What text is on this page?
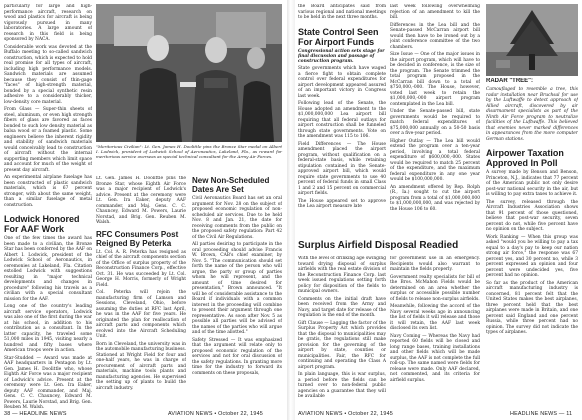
particularly for large and high-performance aircraft, research on wood and plastics for aircraft is being vigorously pursued in many laboratories. A large amount of research in this field is being sponsored by NACA.

Considerable work was devoted at the Buffalo meeting to so-called sandwich construction, which is expected to hold real promise for all types of aircraft, including high performance models. Sandwich materials are assumed because they consist of thin-gage "faces" of high-strength material, bonded by a special synthetic resin adhesive to a considerably thicker, low-density core material.

From Glass — Super-thin sheets of steel, aluminum, or even high strength fibers of glass are favored as faces bonded to such low density material as balsa wood or a foamed plastic. Some engineers believe the inherent rigidity and stability of sandwich materials would conceivably lead to construction of aircraft without the internal supporting members which limit space and account for much of the weight of present day aircraft.

An experimental airplane fuselage has been constructed of plastic sandwich materials, which is 67 percent stronger, with about the same weight, than a similar fuselage of metal construction.

Lodwick Honored For AAF Work

One of the few times the award has been made to a civilian, the Bronze Star has been conferred by the AAF on Albert I. Lodwick, president of the Lodwick School of Aeronautics, in ceremonies at Lakeland, Fla. Citation extolled Lodwick with suggestions resulting in "major technical developments and changes in procedure" following his travels as a civilian with a special consultant mission for the AAF.

Long one of the country's leading aircraft service operators, Lodwick was also one of the first during the war at his school, in addition to his contribution as a consultant. In the latter capacity, he traveled some 51,000 miles in 1945, visiting nearly a hundred and fifty bases where American troops were in action.

Star-Studded — Award was made at AAF headquarters in Pentagon by Lt. Gen. James H. Doolittle who, whose Eighth Air Force was a major recipient of Lodwick's advice. Present at the ceremony were Lt. Gen. Ira Eaker, deputy AAF commander, and Maj. Gens. C. C. Chauncey, Edward M. Powers, Laurie Norstad, and Brig. Gen. Reuben M. Walsh.

"Meritorious Civilian": Lt. Gen. James H. Doolittle pins the Bronze Star medal on Albert I. Lodwick, president of Lodwick School of Aeronautics, Lakeland, Fla., as reward for meritorious service overseas as special technical consultant for the Army Air Forces.

Lt. Gen. James H. Doolittle pins the Bronze Star, whose Eighth Air Force was a major recipient of Lodwick's advice. Present at the ceremony were Lt. Gen. Ira Eaker, deputy AAF commander, and Maj. Gens. C. C. Chauncey, Edward M. Powers, Laurie Norstad, and Brig. Gen. Reuben M. Walsh.

RFC Consumers Post Reigned By Peterka

Lt. Col. A. R. Peterka has resigned as chief of the aircraft components section of the Office of surplus property of the Reconstruction Finance Corp., effective Oct. 31. He was succeeded by Lt. Col. George H. Morris, formerly of Wright Field.

Col. Peterka will rejoin the manufacturing firm of Lamson and Sessions, Cleveland, Ohio, before assuming the duties at RFC last April, he was in the AAF for five years. He originated the plan for reallocation of aircraft parts and components which evolved into the Aircraft Scheduling Unit.

Born in Cleveland, the university was in the automobile manufacturing business. Stationed at Wright Field for four and one-half years, he was in charge of procurement of aircraft parts and materials, machine tools plants and manufacturing agencies. He supervised the setting up of plants to build the aircraft industry.

New Non-Scheduled Dates Are Set

Civil Aeronautics Board has set an oral argument for Nov. 28 on the subject of proposed economic regulation of non-scheduled air services. Due to be held Nov. 8 and Jan. 21, the date for receiving comments from the public on the proposed safety regulation: Part 42 of the Civil Air Regulations.

All parties desiring to participate in the oral proceeding should advise Francis W. Brown, CAB's chief examiner, by Nov. 5. "The communication should set forth the name of the person who will argue, the party or group of parties whom he will represent, and the amount of time desired for presentation," Brown announced. "It will be of considerable assistance to the Board if individuals with a common interest in the proceeding will combine to present their argument through one representative. As soon after Nov. 5 as possible all parties will be advised of the names of the parties who will argue and of the time allotted."

Safety Stressed — It was emphasized that the argument will relate only to proposed economic regulation of the services and not for oral discussion of the safety regulations. In granting more time for the industry to forward its comments on these proposals,

38 — HEADLINE NEWS	AVIATION NEWS • October 22, 1945

the Board anticipates said from various regional and national meetings to be held in the next three months.

State Control Seen For Airport Funds

Congressional action sets stage for final discussion and passage of construction program.

State governments which have waged a fierce fight to obtain complete control over federal expenditures for airport development appeared assured of an important victory in Congress last week.

Following lead of the Senate, the House adopted an amendment to the $1,000,000,000 Lea airport bill requiring that all federal outlays for airport construction shall be funneled through state governments. Vote on the amendment was 115 to 106.

Field Differences — The House amendment placed the airport program, without qualification on a federal-state basis, while retaining stipulation contained in the Senate-approved airport bill, which would require state governments to use 40 percent of federal funds in small Class 1 and 2 and 15 percent on commercial airport fields.

The House appeared set to approve the Lea airport measure late

last week following overwhelming rejection of an amendment to kill the bill.

Differences in the Lea bill and the Senate-passed McCarran airport bill would then have to be ironed out by a joint conference committee of the two chambers.

Size Issue — One of the major issues in the airport program, which will have to be decided in conference, is the size of the program. The Senate trimmed the total program proposed in the McCarran bill down to a total of $750,000,-000. The House, however, voted last week to retain the $1,000,000,-000 airport program contemplated in the Lea bill.

Under the Senate-passed bill, state governments would be required to match federal expenditures of $75,000,000 annually on a 50-50 basis over a five-year period.

Higher Outlay — The Lea bill would extend the program over a ten-year period, involving a total federal expenditure of $600,000,-000. States would be required to match 25 percent of the expenditure, and the maximum federal expenditure in any one year would be $100,000,000.

An amendment offered by Rep. Rolph (R., Ia.) sought to cut the airport program from a total of $1,000,000,000 to $1,000,000,000, and was rejected by the House 106 to 60.

RADAR "TREE":

Camouflaged to resemble a tree, this radar installation near Bruchsal for use by the Luftwaffe to detect approach of Allied aircraft, discovered by air disarmament specialists as part of the Ninth Air Force program to neutralize facilities of the Luftwaffe. This believed that enemies never marked differences in appearances from the more computer German stations.

Airpower Taxation Approved In Poll

A survey made by Benson and Benson, Princeton, N.J., indicates that 77 percent of the American public not only desire post-war national security in the air, but is willing to pay extra taxes to achieve it.

The survey, released through the Aircraft Industries Association shows that 91 percent of those questioned, believe that post-war security, seven percent do not, while five percent have no opinion on the subject.

Work Ranking — When this group was asked "would you be willing to pay a tax equal to a day's pay to keep our nation strong air force," the response was 67 percent yes, and 30 percent no, while 3 percent expressed an opinion and four percent were undecided yes, five percent had no opinion.

So far as the product of the American aircraft manufacturing industry is concerned, 81 percent felt that the United States makes the best airplanes, three percent held that the best airplanes were made in Britain, and one percent said England and one percent Russia, while three percent had no opinion. The survey did not indicate the types of airplanes.

Surplus Airfield Disposal Readied

With the level of drinking age swinging toward drying disposal of surplus airfields with the real estate division of the Reconstruction Finance Corp. last week issued regulations setting forth policy for disposition of the fields to municipal owners.

Comments on the initial draft have been received from the Army and Navy, and target date for release of the regulation is the end of the month.

Gift Clause — Lagging the factor of the Surplus Property Act which provides that the disposal to municipalities may be gratis, the regulations still make provision for the governing of the airport by state, counties or municipalities. Fair, the RFC for continuing and operating the Class A airport program.

In plain language, this is war surplus, a period before the fields can be turned over to non-federal public agencies on a guarantee that they will be available

for government use in an emergency. Recipients would also warrant to maintain the fields properly.

Government realty specialists for bill of the Bros. McMahon Fields would be determined on an area whether the surplus or accessible possible number of fields to release non-surplus airfields.

Meanwhile, following the accord of the Navy several weeks ago in announcing the list of fields it will release and those it will retain, the AAF last week disclosed its own list.

Navy Coming — Whereas the Navy had reported 60 fields will be closed and long range bases, training installations and other fields which will be made surplus, the AAF is not complete the full roll-up. The same named were fields for release were made. Only AAF declared, not commented, and its criteria for airfield surplus.

AVIATION NEWS • October 22, 1945	HEADLINE NEWS — 11
